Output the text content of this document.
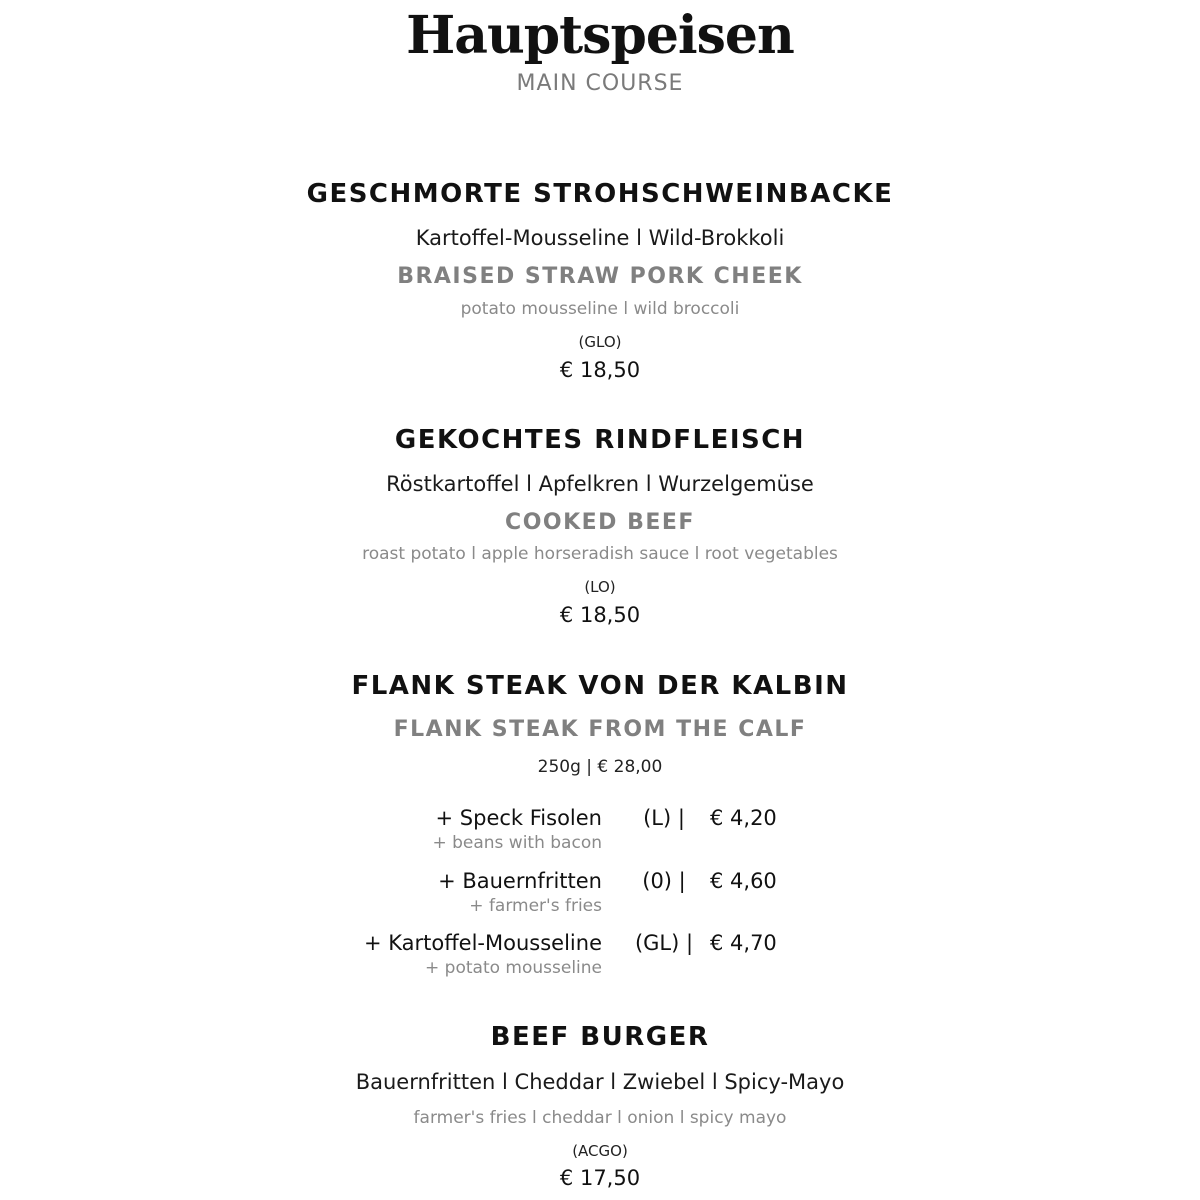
Hauptspeisen
MAIN COURSE
GESCHMORTE STROHSCHWEINBACKE
Kartoffel-Mousseline l Wild-Brokkoli
BRAISED STRAW PORK CHEEK
potato mousseline l wild broccoli
(GLO)
€ 18,50
GEKOCHTES RINDFLEISCH
Röstkartoffel l Apfelkren l Wurzelgemüse
COOKED BEEF
roast potato l apple horseradish sauce l root vegetables
(LO)
€ 18,50
FLANK STEAK VON DER KALBIN
FLANK STEAK FROM THE CALF
250g | € 28,00
+ Speck Fisolen
+ beans with bacon
(L) |	€ 4,20
+ Bauernfritten
+ farmer's fries
(0) |	€ 4,60
+ Kartoffel-Mousseline
+ potato mousseline
(GL) | € 4,70
BEEF BURGER
Bauernfritten l Cheddar l Zwiebel l Spicy-Mayo
farmer's fries l cheddar l onion l spicy mayo
(ACGO)
€ 17,50
